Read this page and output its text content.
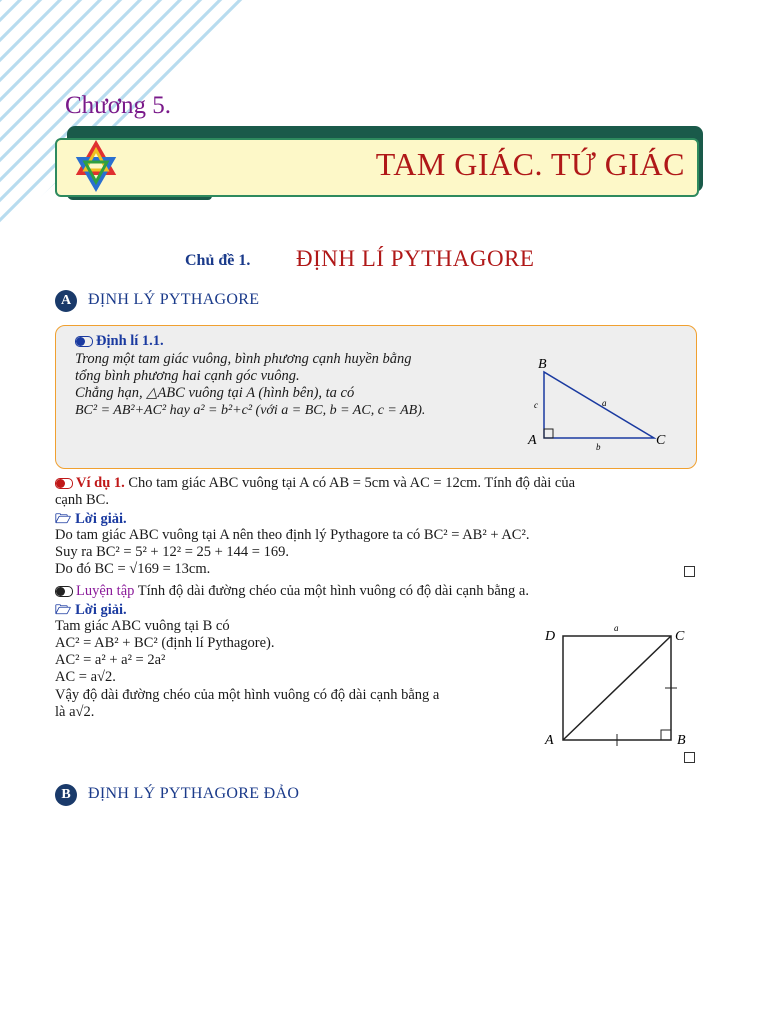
Chương 5.
TAM GIÁC. TỨ GIÁC
Chủ đề 1. ĐỊNH LÍ PYTHAGORE
A	ĐỊNH LÝ PYTHAGORE
Định lí 1.1.
Trong một tam giác vuông, bình phương cạnh huyền bằng
tổng bình phương hai cạnh góc vuông.
Chẳng hạn, △ABC vuông tại A (hình bên), ta có
BC² = AB²+AC² hay a² = b²+c² (với a = BC, b = AC, c = AB).
B
A	C
a
b
c
Ví dụ 1. Cho tam giác ABC vuông tại A có AB = 5cm và AC = 12cm. Tính độ dài của
cạnh BC.
🗁 Lời giải.
Do tam giác ABC vuông tại A nên theo định lý Pythagore ta có BC² = AB² + AC².
Suy ra BC² = 5² + 12² = 25 + 144 = 169.
Do đó BC = √169 = 13cm.
Luyện tập Tính độ dài đường chéo của một hình vuông có độ dài cạnh bằng a.
🗁 Lời giải.
Tam giác ABC vuông tại B có
AC² = AB² + BC² (định lí Pythagore).
AC² = a² + a² = 2a²
AC = a√2.
Vậy độ dài đường chéo của một hình vuông có độ dài cạnh bằng a
là a√2.
D	C
A	B
a
B	ĐỊNH LÝ PYTHAGORE ĐẢO
